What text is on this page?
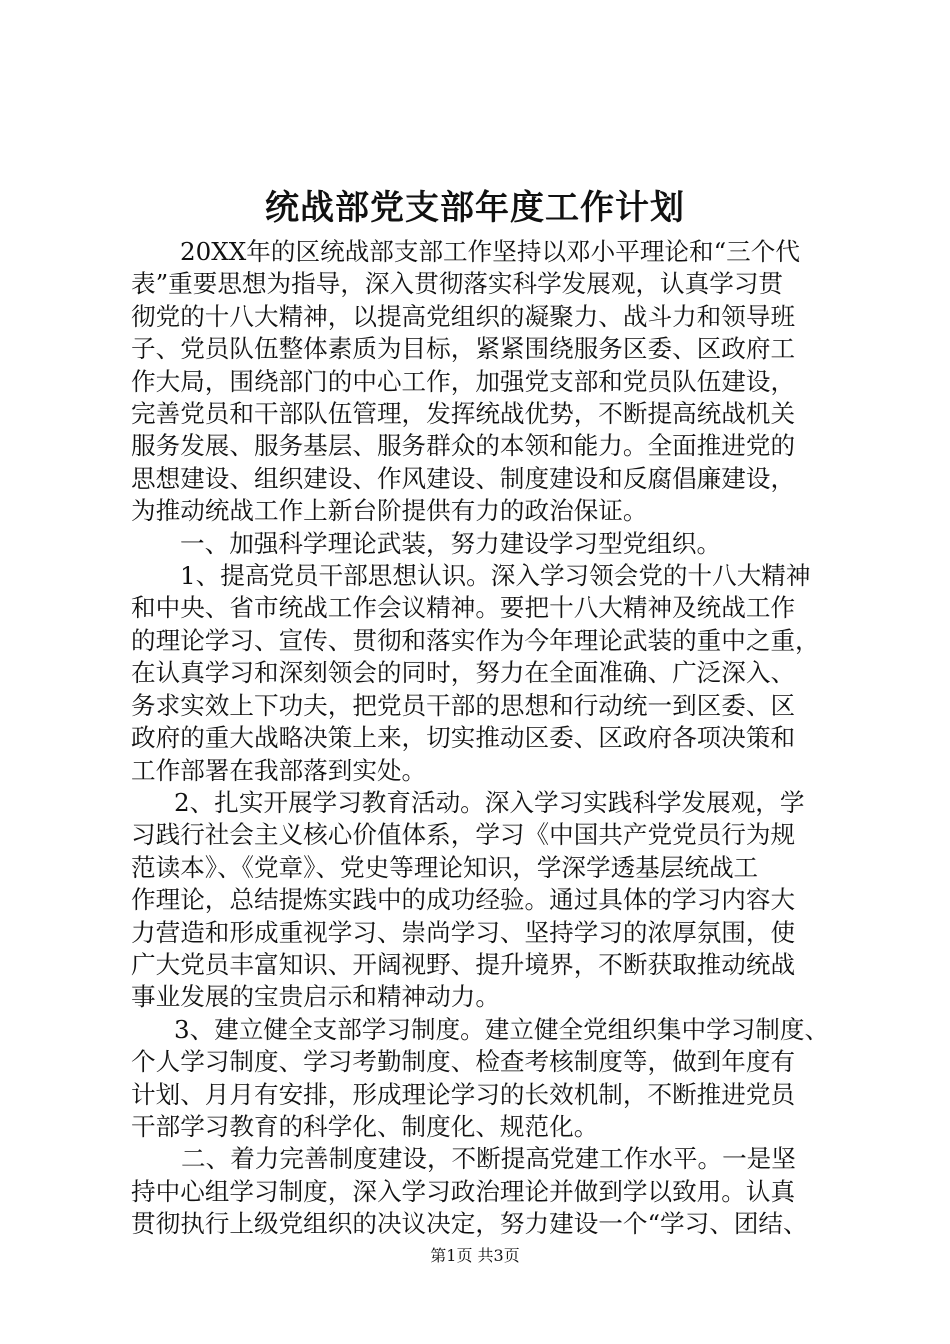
统战部党支部年度工作计划

20XX年的区统战部支部工作坚持以邓小平理论和“三个代
表”重要思想为指导，深入贯彻落实科学发展观，认真学习贯
彻党的十八大精神，以提高党组织的凝聚力、战斗力和领导班
子、党员队伍整体素质为目标，紧紧围绕服务区委、区政府工
作大局，围绕部门的中心工作，加强党支部和党员队伍建设，
完善党员和干部队伍管理，发挥统战优势，不断提高统战机关
服务发展、服务基层、服务群众的本领和能力。全面推进党的
思想建设、组织建设、作风建设、制度建设和反腐倡廉建设，
为推动统战工作上新台阶提供有力的政治保证。

一、加强科学理论武装，努力建设学习型党组织。

1、提高党员干部思想认识。深入学习领会党的十八大精神
和中央、省市统战工作会议精神。要把十八大精神及统战工作
的理论学习、宣传、贯彻和落实作为今年理论武装的重中之重，
在认真学习和深刻领会的同时，努力在全面准确、广泛深入、
务求实效上下功夫，把党员干部的思想和行动统一到区委、区
政府的重大战略决策上来，切实推动区委、区政府各项决策和
工作部署在我部落到实处。

2、扎实开展学习教育活动。深入学习实践科学发展观，学
习践行社会主义核心价值体系，学习《中国共产党党员行为规
范读本》、《党章》、党史等理论知识，学深学透基层统战工
作理论，总结提炼实践中的成功经验。通过具体的学习内容大
力营造和形成重视学习、崇尚学习、坚持学习的浓厚氛围，使
广大党员丰富知识、开阔视野、提升境界，不断获取推动统战
事业发展的宝贵启示和精神动力。

3、建立健全支部学习制度。建立健全党组织集中学习制度、
个人学习制度、学习考勤制度、检查考核制度等，做到年度有
计划、月月有安排，形成理论学习的长效机制，不断推进党员
干部学习教育的科学化、制度化、规范化。

二、着力完善制度建设，不断提高党建工作水平。一是坚
持中心组学习制度，深入学习政治理论并做到学以致用。认真
贯彻执行上级党组织的决议决定，努力建设一个“学习、团结、

第1页 共3页
